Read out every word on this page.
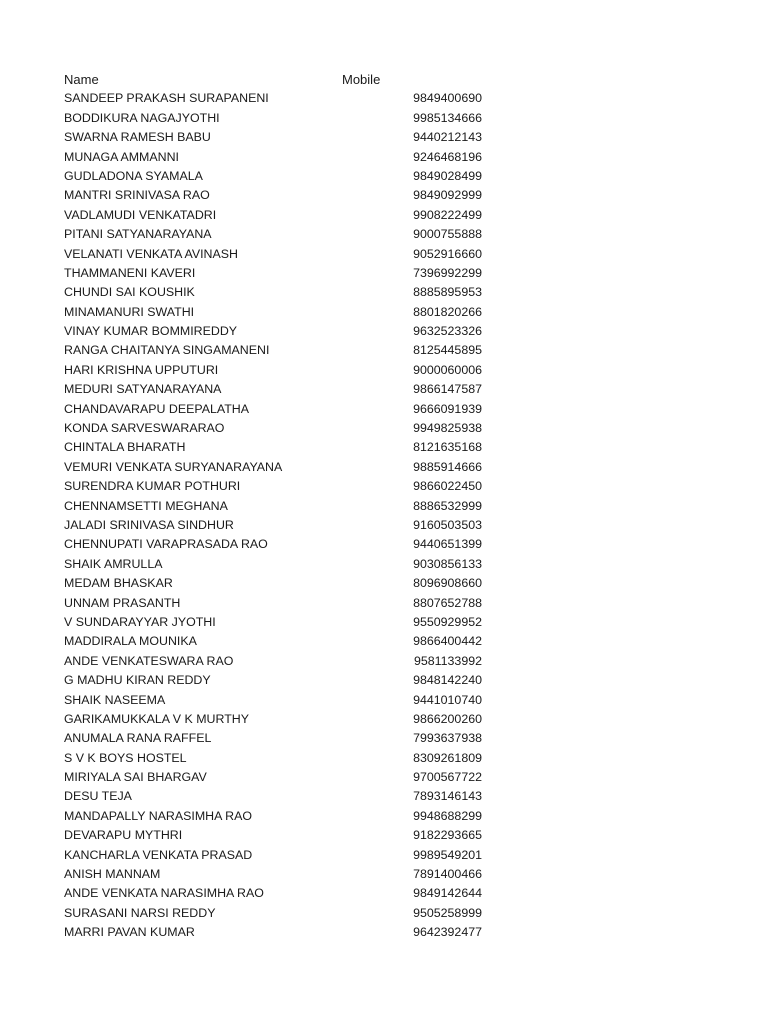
Name	Mobile
SANDEEP PRAKASH SURAPANENI	9849400690
BODDIKURA NAGAJYOTHI	9985134666
SWARNA RAMESH BABU	9440212143
MUNAGA AMMANNI	9246468196
GUDLADONA SYAMALA	9849028499
MANTRI SRINIVASA RAO	9849092999
VADLAMUDI VENKATADRI	9908222499
PITANI SATYANARAYANA	9000755888
VELANATI VENKATA AVINASH	9052916660
THAMMANENI KAVERI	7396992299
CHUNDI SAI KOUSHIK	8885895953
MINAMANURI SWATHI	8801820266
VINAY KUMAR BOMMIREDDY	9632523326
RANGA CHAITANYA SINGAMANENI	8125445895
HARI KRISHNA UPPUTURI	9000060006
MEDURI SATYANARAYANA	9866147587
CHANDAVARAPU DEEPALATHA	9666091939
KONDA SARVESWARARAO	9949825938
CHINTALA BHARATH	8121635168
VEMURI VENKATA SURYANARAYANA	9885914666
SURENDRA KUMAR POTHURI	9866022450
CHENNAMSETTI MEGHANA	8886532999
JALADI SRINIVASA SINDHUR	9160503503
CHENNUPATI VARAPRASADA RAO	9440651399
SHAIK AMRULLA	9030856133
MEDAM BHASKAR	8096908660
UNNAM PRASANTH	8807652788
V SUNDARAYYAR JYOTHI	9550929952
MADDIRALA MOUNIKA	9866400442
ANDE VENKATESWARA RAO	9581133992
G MADHU KIRAN REDDY	9848142240
SHAIK NASEEMA	9441010740
GARIKAMUKKALA V K MURTHY	9866200260
ANUMALA RANA RAFFEL	7993637938
S V K BOYS HOSTEL	8309261809
MIRIYALA SAI BHARGAV	9700567722
DESU TEJA	7893146143
MANDAPALLY NARASIMHA RAO	9948688299
DEVARAPU MYTHRI	9182293665
KANCHARLA VENKATA PRASAD	9989549201
ANISH MANNAM	7891400466
ANDE VENKATA NARASIMHA RAO	9849142644
SURASANI NARSI REDDY	9505258999
MARRI PAVAN KUMAR	9642392477
